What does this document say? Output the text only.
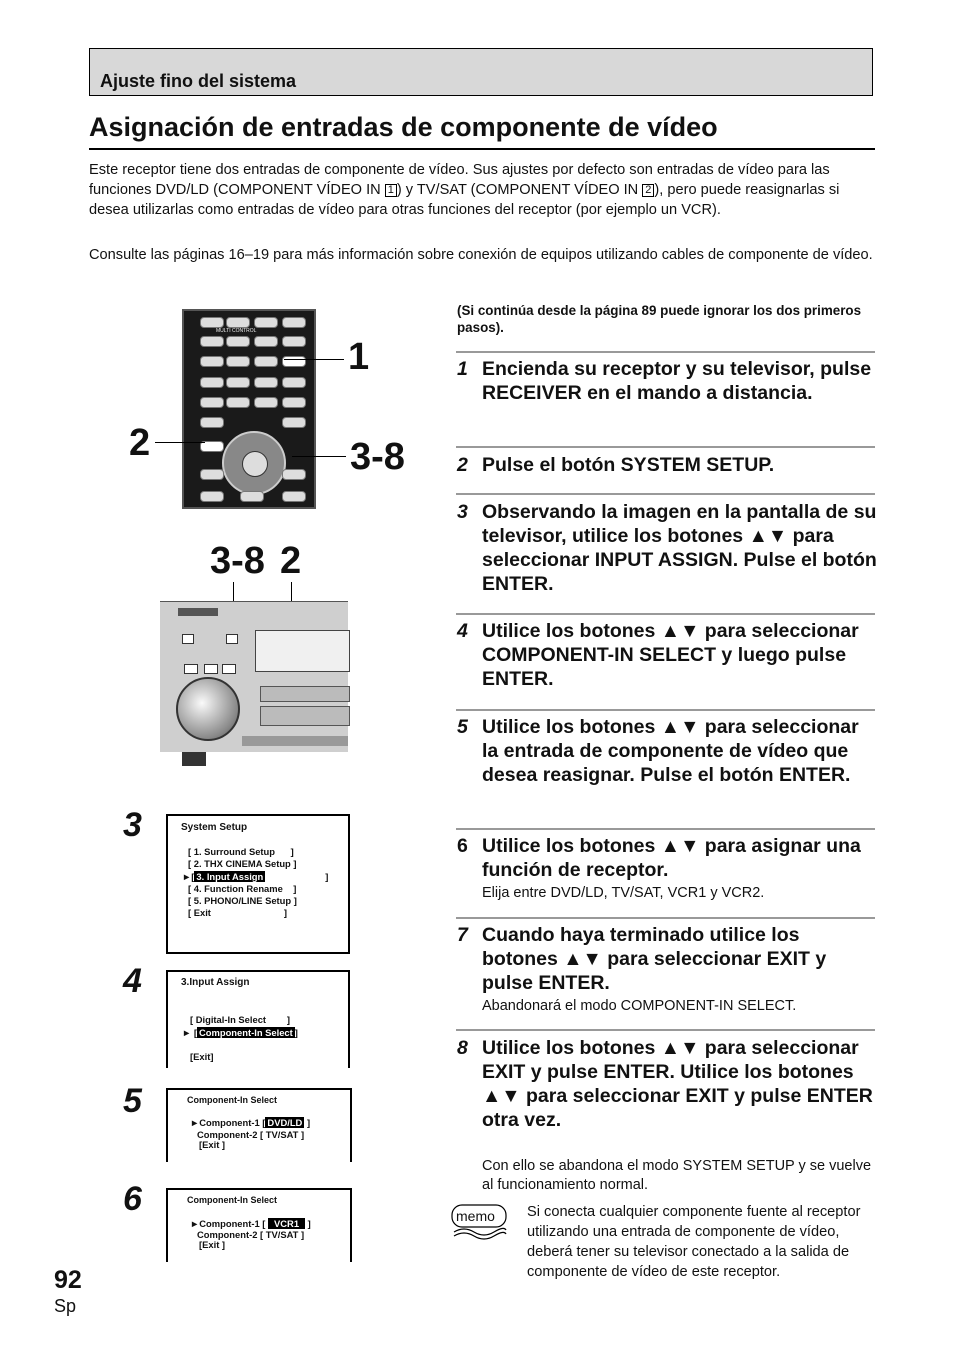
Ajuste fino del sistema
Asignación de entradas de componente de vídeo
Este receptor tiene dos entradas de componente de vídeo. Sus ajustes por defecto son entradas de vídeo para las funciones DVD/LD (COMPONENT VÍDEO IN 1 ) y TV/SAT (COMPONENT VÍDEO IN 2 ), pero puede reasignarlas si desea utilizarlas como entradas de vídeo para otras funciones del receptor (por ejemplo un VCR).
Consulte las páginas 16–19 para más información sobre conexión de equipos utilizando cables de componente de vídeo.
MULTI CONTROL
1
2	3-8
3-8 2
3	System Setup
[ 1. Surround Setup      ]
[ 2. THX CINEMA Setup ]
►[ 3. Input Assign	]
[ 4. Function Rename    ]
[ 5. PHONO/LINE Setup ]
[ Exit                            ]
4	3.Input Assign
[ Digital-In Select        ]
► [ Component-In Select ]
[Exit]
5	Component-In Select
►Component-1 [ DVD/LD ]
Component-2 [ TV/SAT ]
[Exit ]
6	Component-In Select
►Component-1 [ VCR1 ]
Component-2 [ TV/SAT ]
[Exit ]
(Si continúa desde la página 89 puede ignorar los dos primeros pasos).
1 Encienda su receptor y su televisor, pulse RECEIVER en el mando a distancia.
2 Pulse el botón SYSTEM SETUP.
3 Observando la imagen en la pantalla de su televisor, utilice los botones ▲▼ para seleccionar INPUT ASSIGN. Pulse el botón ENTER.
4 Utilice los botones ▲▼ para seleccionar COMPONENT-IN SELECT y luego pulse ENTER.
5 Utilice los botones ▲▼ para seleccionar la entrada de componente de vídeo que desea reasignar. Pulse el botón ENTER.
6 Utilice los botones ▲▼ para asignar una función de receptor.
Elija entre DVD/LD, TV/SAT, VCR1 y VCR2.
7 Cuando haya terminado utilice los botones ▲▼ para seleccionar EXIT y pulse ENTER.
Abandonará el modo COMPONENT-IN SELECT.
8 Utilice los botones ▲▼ para seleccionar EXIT y pulse ENTER. Utilice los botones ▲▼ para seleccionar EXIT y pulse ENTER otra vez.
Con ello se abandona el modo SYSTEM SETUP y se vuelve al funcionamiento normal.
memo Si conecta cualquier componente fuente al receptor utilizando una entrada de componente de vídeo, deberá tener su televisor conectado a la salida de componente de vídeo de este receptor.
92
Sp
